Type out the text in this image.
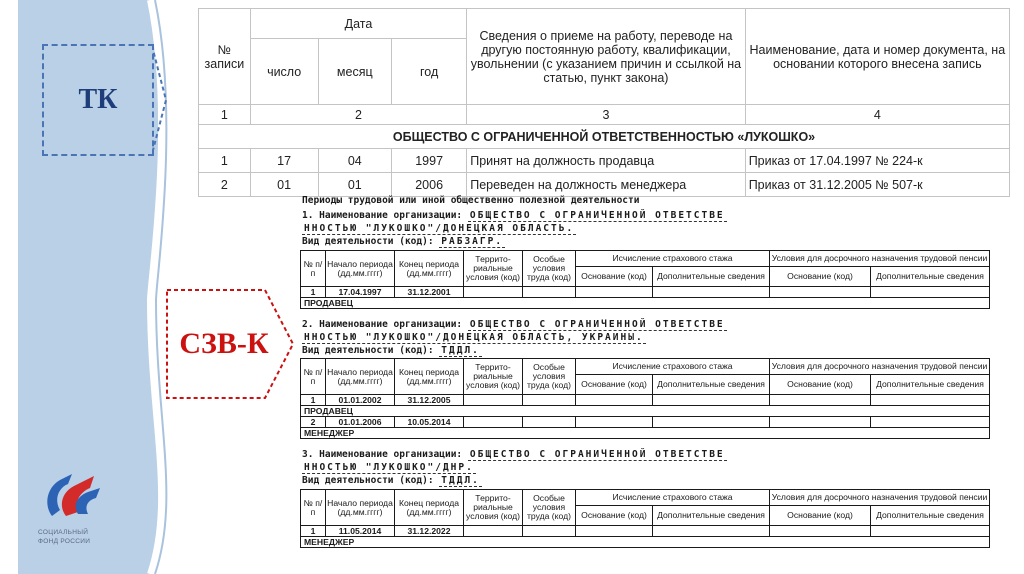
ТК
СЗВ-К
СОЦИАЛЬНЫЙ
ФОНД РОССИИ
№ записи	Дата			Сведения о приеме на работу, переводе на другую постоянную работу, квалификации, увольнении (с указанием причин и ссылкой на статью, пункт закона)	Наименование, дата и номер документа, на основании которого внесена запись
	число	месяц	год		
1	2			3	4
ОБЩЕСТВО С ОГРАНИЧЕННОЙ ОТВЕТСТВЕННОСТЬЮ «ЛУКОШКО»					
1	17	04	1997	Принят на должность продавца	Приказ от 17.04.1997 № 224-к
2	01	01	2006	Переведен на должность менеджера	Приказ от 31.12.2005 № 507-к
Периоды трудовой или иной общественно полезной деятельности
1. Наименование организации: ОБЩЕСТВО С ОГРАНИЧЕННОЙ ОТВЕТСТВЕ
ННОСТЬЮ "ЛУКОШКО"/ДОНЕЦКАЯ ОБЛАСТЬ.
Вид деятельности (код): РАБЗАГР.
№ п/п	Начало периода (дд.мм.гггг)	Конец периода (дд.мм.гггг)	Террито-риальные условия (код)	Особые условия труда (код)	Исчисление страхового стажа		Условия для досрочного назначения трудовой пенсии	
					Основание (код)	Дополнительные сведения	Основание (код)	Дополнительные сведения
1	17.04.1997	31.12.2001						
ПРОДАВЕЦ								
2. Наименование организации: ОБЩЕСТВО С ОГРАНИЧЕННОЙ ОТВЕТСТВЕ
ННОСТЬЮ "ЛУКОШКО"/ДОНЕЦКАЯ ОБЛАСТЬ, УКРАИНЫ.
Вид деятельности (код): ТДДЛ.
№ п/п	Начало периода (дд.мм.гггг)	Конец периода (дд.мм.гггг)	Террито-риальные условия (код)	Особые условия труда (код)	Исчисление страхового стажа		Условия для досрочного назначения трудовой пенсии	
					Основание (код)	Дополнительные сведения	Основание (код)	Дополнительные сведения
1	01.01.2002	31.12.2005						
ПРОДАВЕЦ								
2	01.01.2006	10.05.2014						
МЕНЕДЖЕР								
3. Наименование организации: ОБЩЕСТВО С ОГРАНИЧЕННОЙ ОТВЕТСТВЕ
ННОСТЬЮ "ЛУКОШКО"/ДНР.
Вид деятельности (код): ТДДЛ.
№ п/п	Начало периода (дд.мм.гггг)	Конец периода (дд.мм.гггг)	Террито-риальные условия (код)	Особые условия труда (код)	Исчисление страхового стажа		Условия для досрочного назначения трудовой пенсии	
					Основание (код)	Дополнительные сведения	Основание (код)	Дополнительные сведения
1	11.05.2014	31.12.2022						
МЕНЕДЖЕР								
